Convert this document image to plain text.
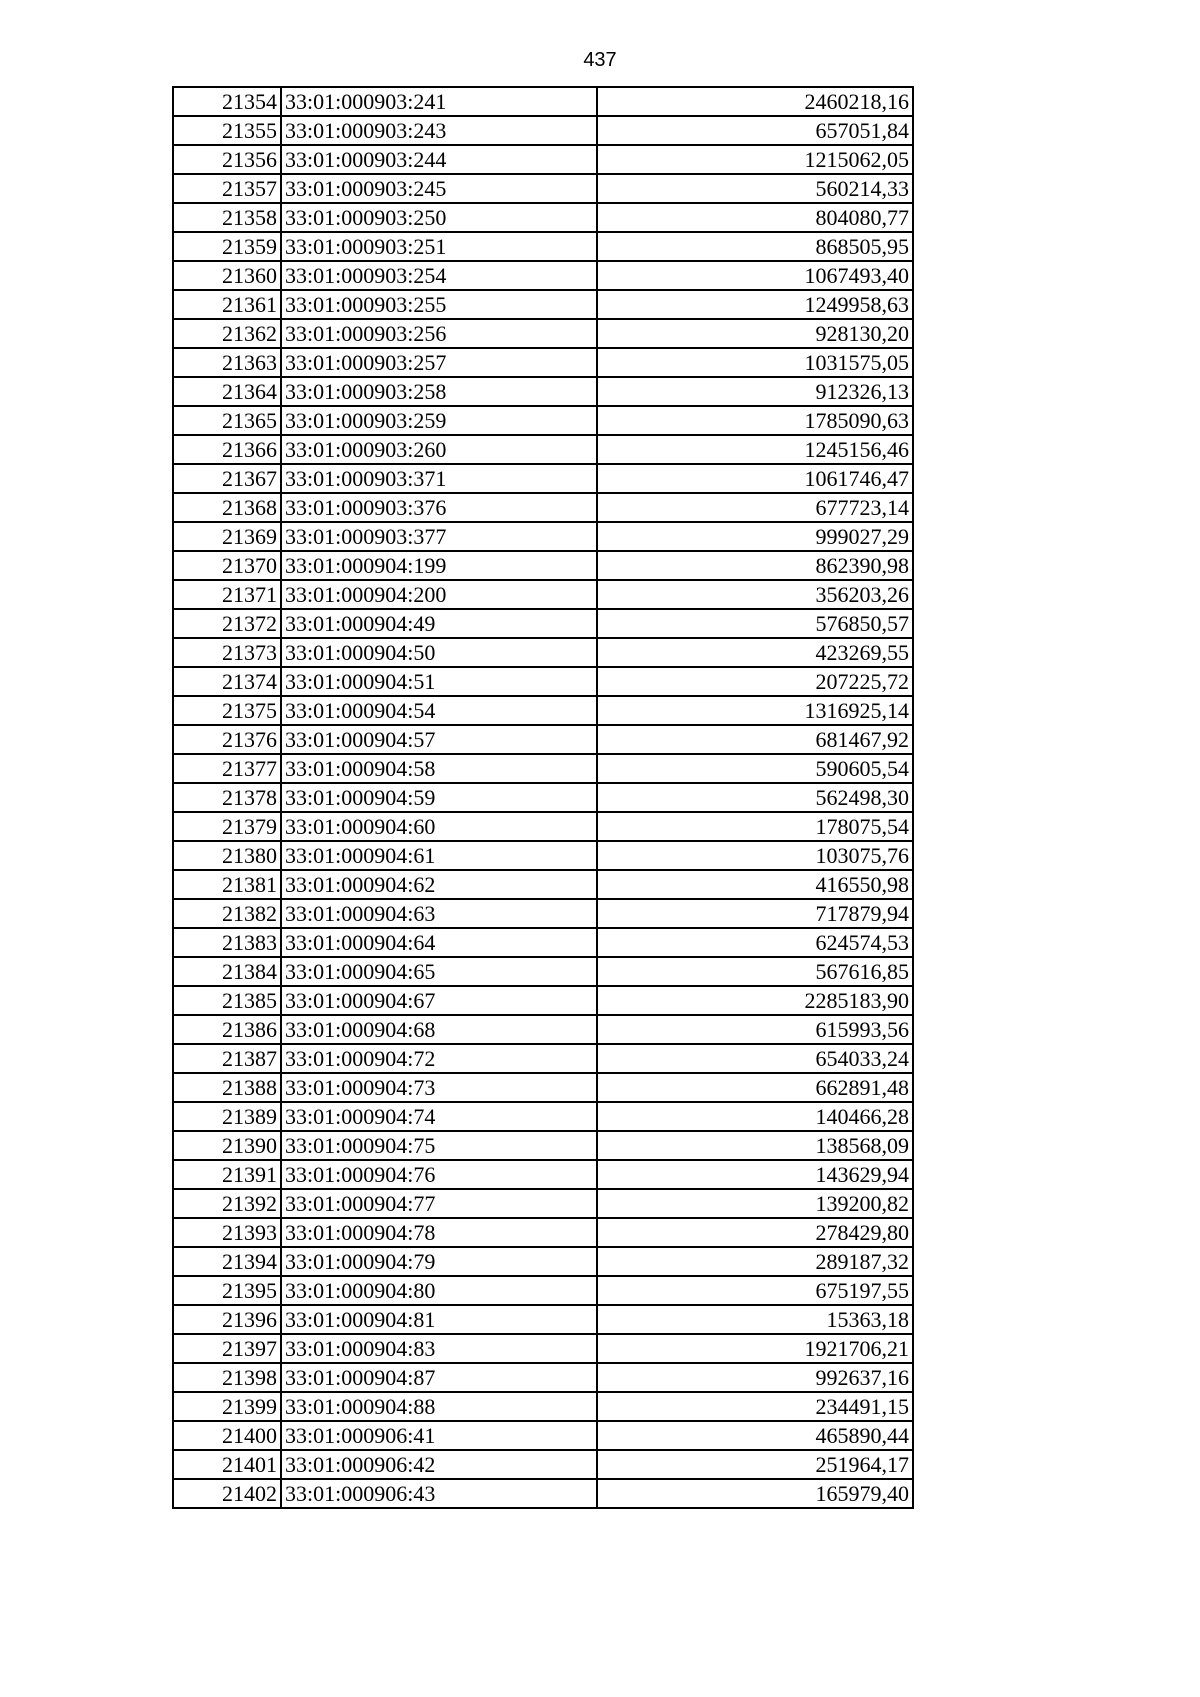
437
21354	33:01:000903:241	2460218,16
21355	33:01:000903:243	657051,84
21356	33:01:000903:244	1215062,05
21357	33:01:000903:245	560214,33
21358	33:01:000903:250	804080,77
21359	33:01:000903:251	868505,95
21360	33:01:000903:254	1067493,40
21361	33:01:000903:255	1249958,63
21362	33:01:000903:256	928130,20
21363	33:01:000903:257	1031575,05
21364	33:01:000903:258	912326,13
21365	33:01:000903:259	1785090,63
21366	33:01:000903:260	1245156,46
21367	33:01:000903:371	1061746,47
21368	33:01:000903:376	677723,14
21369	33:01:000903:377	999027,29
21370	33:01:000904:199	862390,98
21371	33:01:000904:200	356203,26
21372	33:01:000904:49	576850,57
21373	33:01:000904:50	423269,55
21374	33:01:000904:51	207225,72
21375	33:01:000904:54	1316925,14
21376	33:01:000904:57	681467,92
21377	33:01:000904:58	590605,54
21378	33:01:000904:59	562498,30
21379	33:01:000904:60	178075,54
21380	33:01:000904:61	103075,76
21381	33:01:000904:62	416550,98
21382	33:01:000904:63	717879,94
21383	33:01:000904:64	624574,53
21384	33:01:000904:65	567616,85
21385	33:01:000904:67	2285183,90
21386	33:01:000904:68	615993,56
21387	33:01:000904:72	654033,24
21388	33:01:000904:73	662891,48
21389	33:01:000904:74	140466,28
21390	33:01:000904:75	138568,09
21391	33:01:000904:76	143629,94
21392	33:01:000904:77	139200,82
21393	33:01:000904:78	278429,80
21394	33:01:000904:79	289187,32
21395	33:01:000904:80	675197,55
21396	33:01:000904:81	15363,18
21397	33:01:000904:83	1921706,21
21398	33:01:000904:87	992637,16
21399	33:01:000904:88	234491,15
21400	33:01:000906:41	465890,44
21401	33:01:000906:42	251964,17
21402	33:01:000906:43	165979,40
